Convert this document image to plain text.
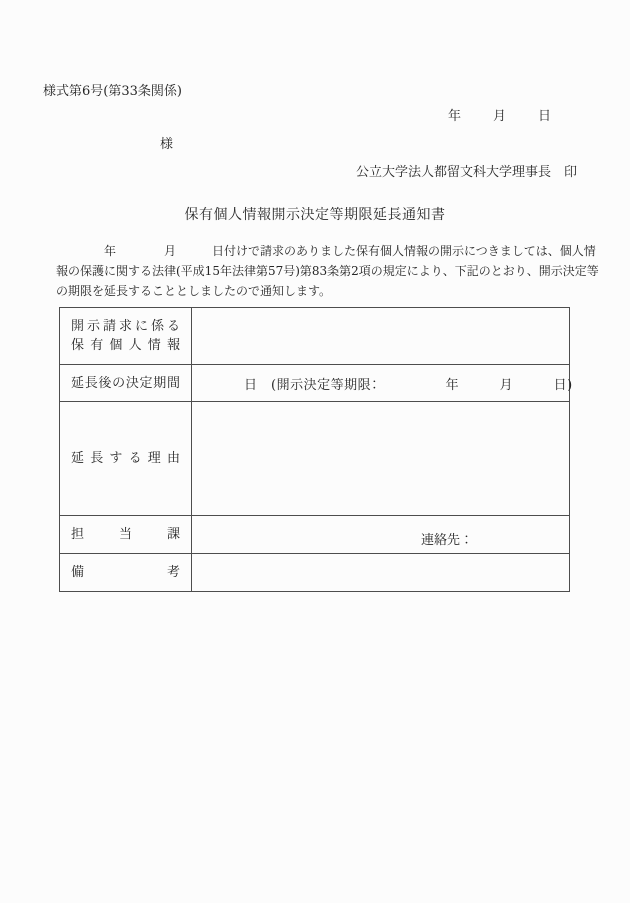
様式第6号(第33条関係)
年　　月　　日
様
公立大学法人都留文科大学理事長　印
保有個人情報開示決定等期限延長通知書
　　　　年　　　　月　　　日付けで請求のありました保有個人情報の開示につきましては、個人情
報の保護に関する法律(平成15年法律第57号)第83条第2項の規定により、下記のとおり、開示決定等
の期限を延長することとしましたので通知します。
開示請求に係る
保有個人情報	

延長後の決定期間	日　(開示決定等期限：　　　　　年　　　月　　　日)
延長する理由	
担当課	連絡先：

備考	
